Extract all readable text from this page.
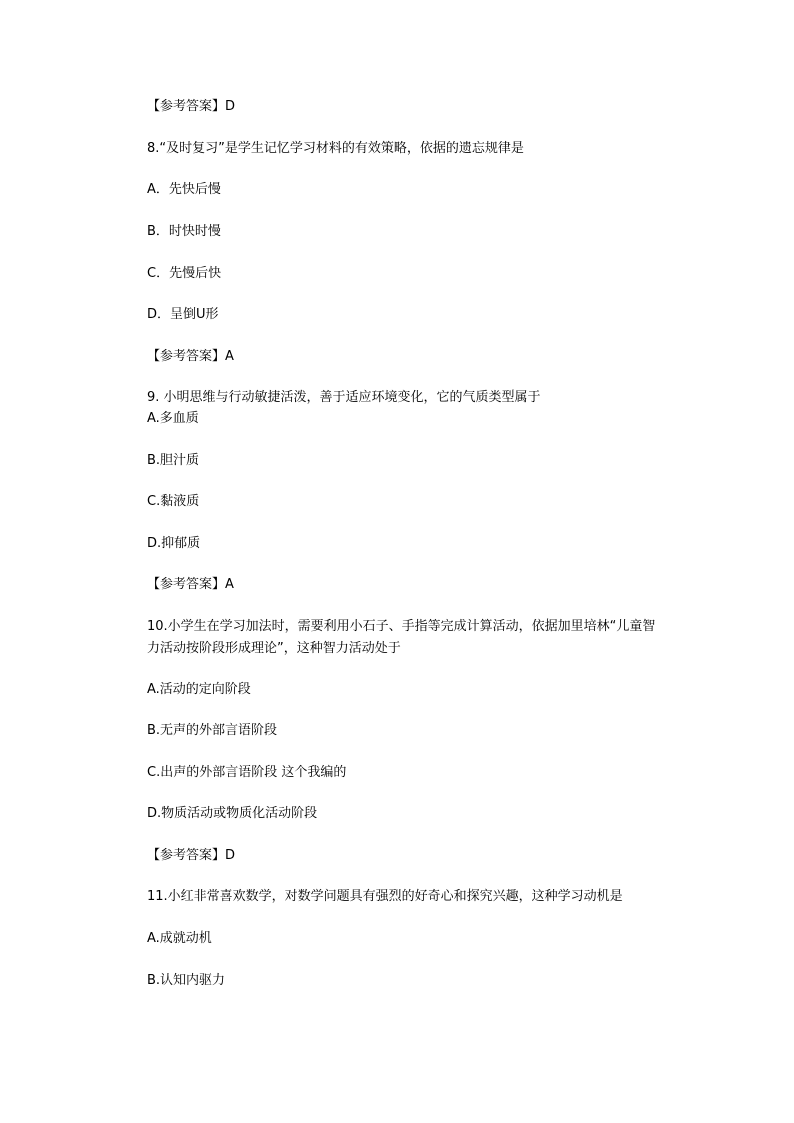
【参考答案】D
8.“及时复习”是学生记忆学习材料的有效策略，依据的遗忘规律是
A．先快后慢
B．时快时慢
C．先慢后快
D．呈倒U形
【参考答案】A
9. 小明思维与行动敏捷活泼，善于适应环境变化，它的气质类型属于
A.多血质
B.胆汁质
C.黏液质
D.抑郁质
【参考答案】A
10.小学生在学习加法时，需要利用小石子、手指等完成计算活动，依据加里培林“儿童智力活动按阶段形成理论”，这种智力活动处于
A.活动的定向阶段
B.无声的外部言语阶段
C.出声的外部言语阶段 这个我编的
D.物质活动或物质化活动阶段
【参考答案】D
11.小红非常喜欢数学，对数学问题具有强烈的好奇心和探究兴趣，这种学习动机是
A.成就动机
B.认知内驱力
